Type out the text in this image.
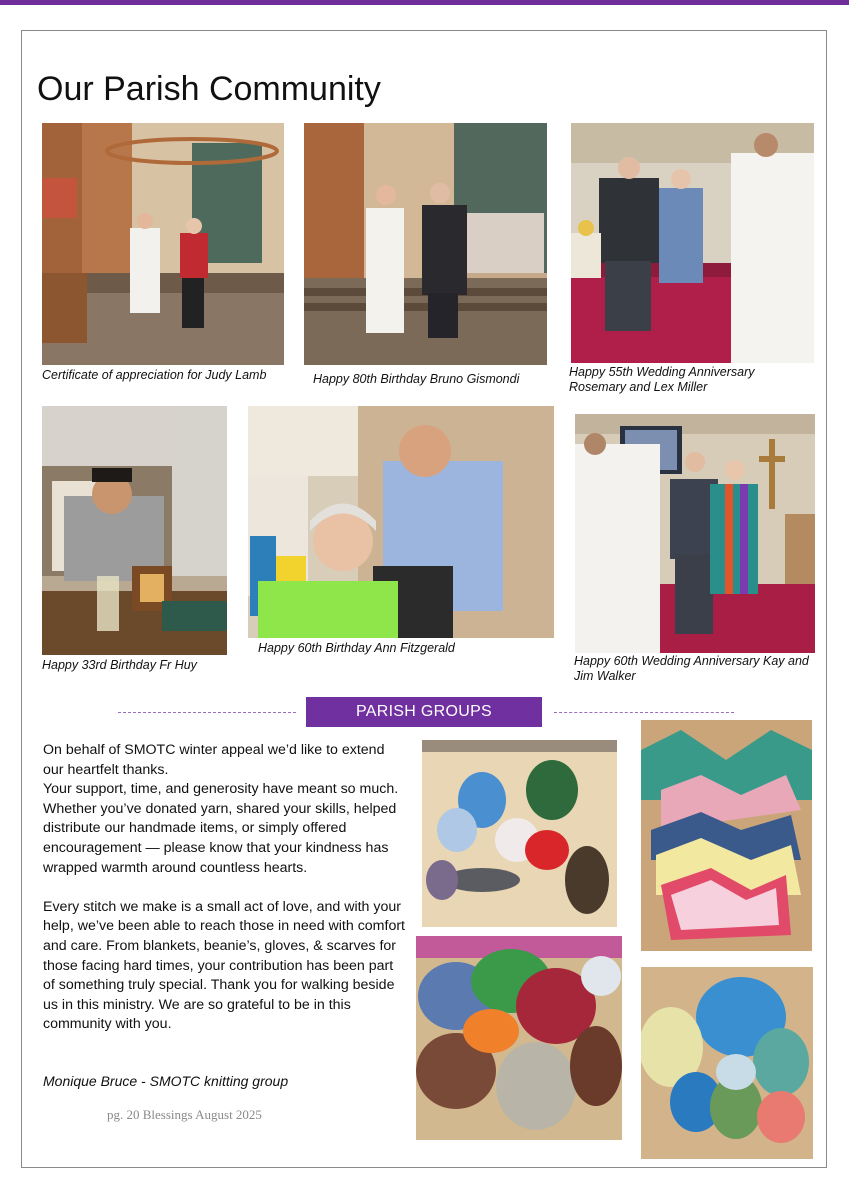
Our Parish Community
Certificate of appreciation for Judy Lamb	Happy 80th Birthday Bruno Gismondi	Happy 55th Wedding Anniversary Rosemary and Lex Miller
Happy 33rd Birthday Fr Huy
Happy 60th Birthday Ann Fitzgerald
Happy 60th Wedding Anniversary Kay and Jim Walker
PARISH GROUPS

On behalf of SMOTC winter appeal we’d like to extend our heartfelt thanks.
Your support, time, and generosity have meant so much. Whether you’ve donated yarn, shared your skills, helped distribute our handmade items, or simply offered encouragement — please know that your kindness has wrapped warmth around countless hearts.

Every stitch we make is a small act of love, and with your help, we’ve been able to reach those in need with comfort and care. From blankets, beanie’s, gloves, & scarves for those facing hard times, your contribution has been part of something truly special. Thank you for walking beside us in this ministry. We are so grateful to be in this community with you.

Monique Bruce - SMOTC knitting group
pg. 20 Blessings August 2025
